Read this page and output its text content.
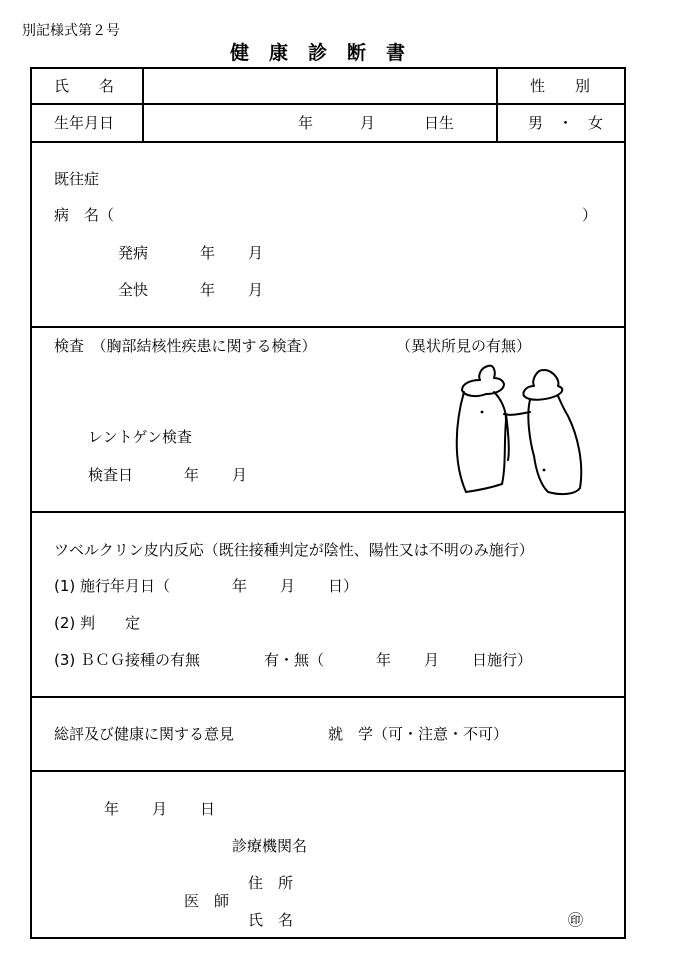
別記様式第２号
健康診断書
氏　　名	性　　別
生年月日	年	月	日生	男　・　女
既往症
病　名（	）
発病	年 月
全快	年 月
検査　（胸部結核性疾患に関する検査）	（異状所見の有無）
レントゲン検査
検査日	年 月
ツベルクリン皮内反応（既往接種判定が陰性、陽性又は不明のみ施行）
(1) 施行年月日（	年 月 日）
(2) 判　　定
(3) ＢＣＧ接種の有無	有・無（	年 月 日施行）
総評及び健康に関する意見	就　学（可・注意・不可）
年 月 日
診療機関名
住　所
医　師
氏　名	㊞
